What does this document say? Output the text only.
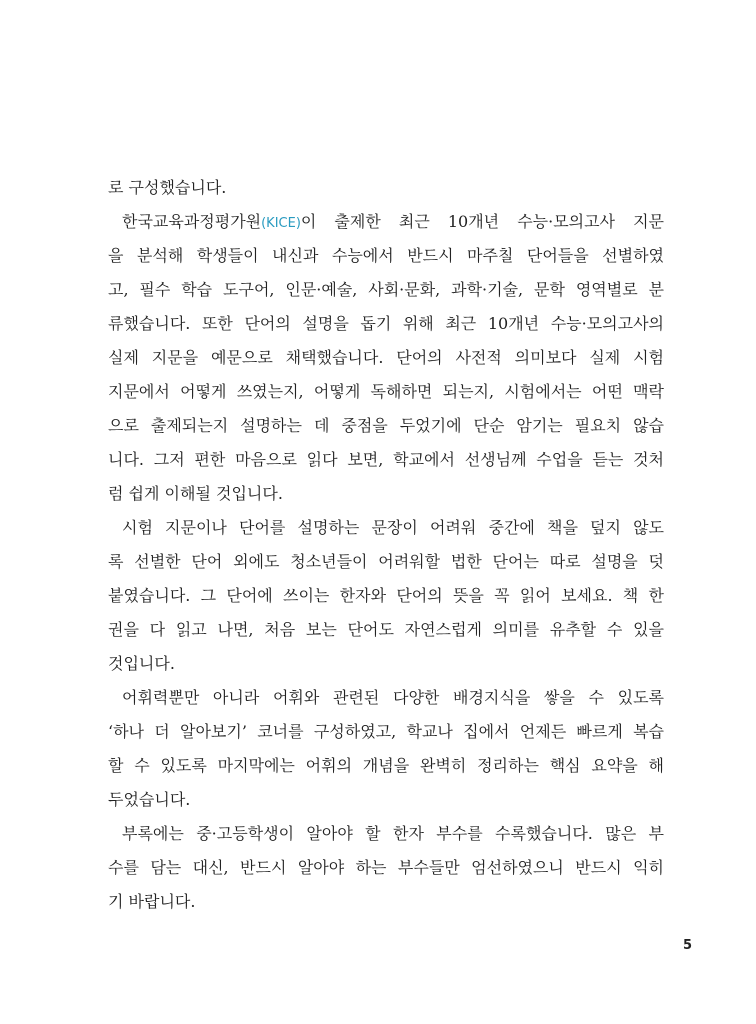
로 구성했습니다.
한국교육과정평가원(KICE)이 출제한 최근 10개년 수능·모의고사 지문
을 분석해 학생들이 내신과 수능에서 반드시 마주칠 단어들을 선별하였
고, 필수 학습 도구어, 인문·예술, 사회·문화, 과학·기술, 문학 영역별로 분
류했습니다. 또한 단어의 설명을 돕기 위해 최근 10개년 수능·모의고사의
실제 지문을 예문으로 채택했습니다. 단어의 사전적 의미보다 실제 시험
지문에서 어떻게 쓰였는지, 어떻게 독해하면 되는지, 시험에서는 어떤 맥락
으로 출제되는지 설명하는 데 중점을 두었기에 단순 암기는 필요치 않습
니다. 그저 편한 마음으로 읽다 보면, 학교에서 선생님께 수업을 듣는 것처
럼 쉽게 이해될 것입니다.
시험 지문이나 단어를 설명하는 문장이 어려워 중간에 책을 덮지 않도
록 선별한 단어 외에도 청소년들이 어려워할 법한 단어는 따로 설명을 덧
붙였습니다. 그 단어에 쓰이는 한자와 단어의 뜻을 꼭 읽어 보세요. 책 한
권을 다 읽고 나면, 처음 보는 단어도 자연스럽게 의미를 유추할 수 있을
것입니다.
어휘력뿐만 아니라 어휘와 관련된 다양한 배경지식을 쌓을 수 있도록
‘하나 더 알아보기’ 코너를 구성하였고, 학교나 집에서 언제든 빠르게 복습
할 수 있도록 마지막에는 어휘의 개념을 완벽히 정리하는 핵심 요약을 해
두었습니다.
부록에는 중·고등학생이 알아야 할 한자 부수를 수록했습니다. 많은 부
수를 담는 대신, 반드시 알아야 하는 부수들만 엄선하였으니 반드시 익히
기 바랍니다.
5
